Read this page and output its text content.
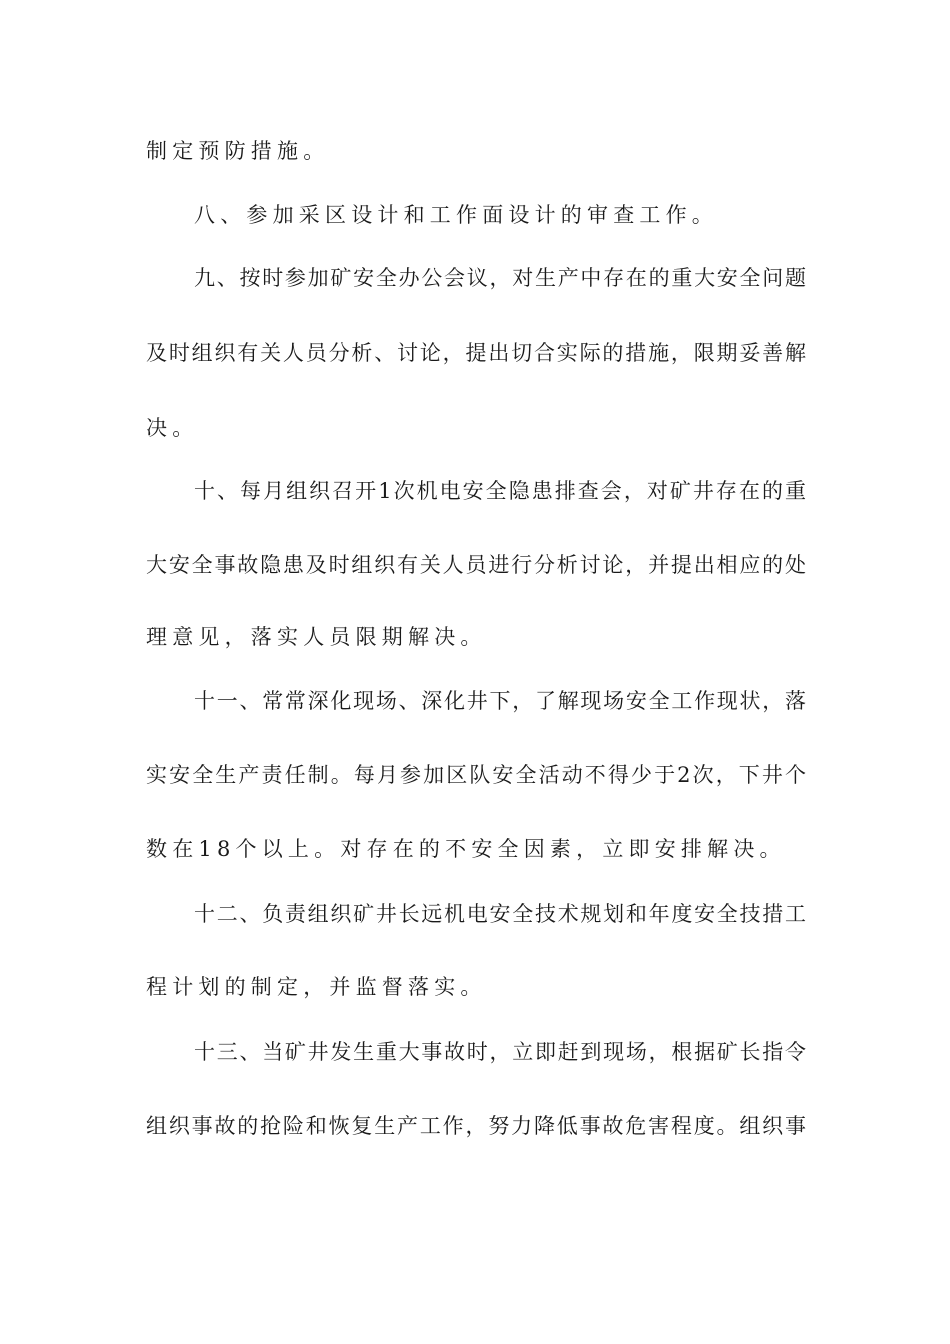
制定预防措施。
八、参加采区设计和工作面设计的审查工作。
九、按时参加矿安全办公会议，对生产中存在的重大安全问题
及时组织有关人员分析、讨论，提出切合实际的措施，限期妥善解
决。
十、每月组织召开1次机电安全隐患排查会，对矿井存在的重
大安全事故隐患及时组织有关人员进行分析讨论，并提出相应的处
理意见，落实人员限期解决。
十一、常常深化现场、深化井下，了解现场安全工作现状，落
实安全生产责任制。每月参加区队安全活动不得少于2次，下井个
数在18个以上。对存在的不安全因素，立即安排解决。
十二、负责组织矿井长远机电安全技术规划和年度安全技措工
程计划的制定，并监督落实。
十三、当矿井发生重大事故时，立即赶到现场，根据矿长指令
组织事故的抢险和恢复生产工作，努力降低事故危害程度。组织事
